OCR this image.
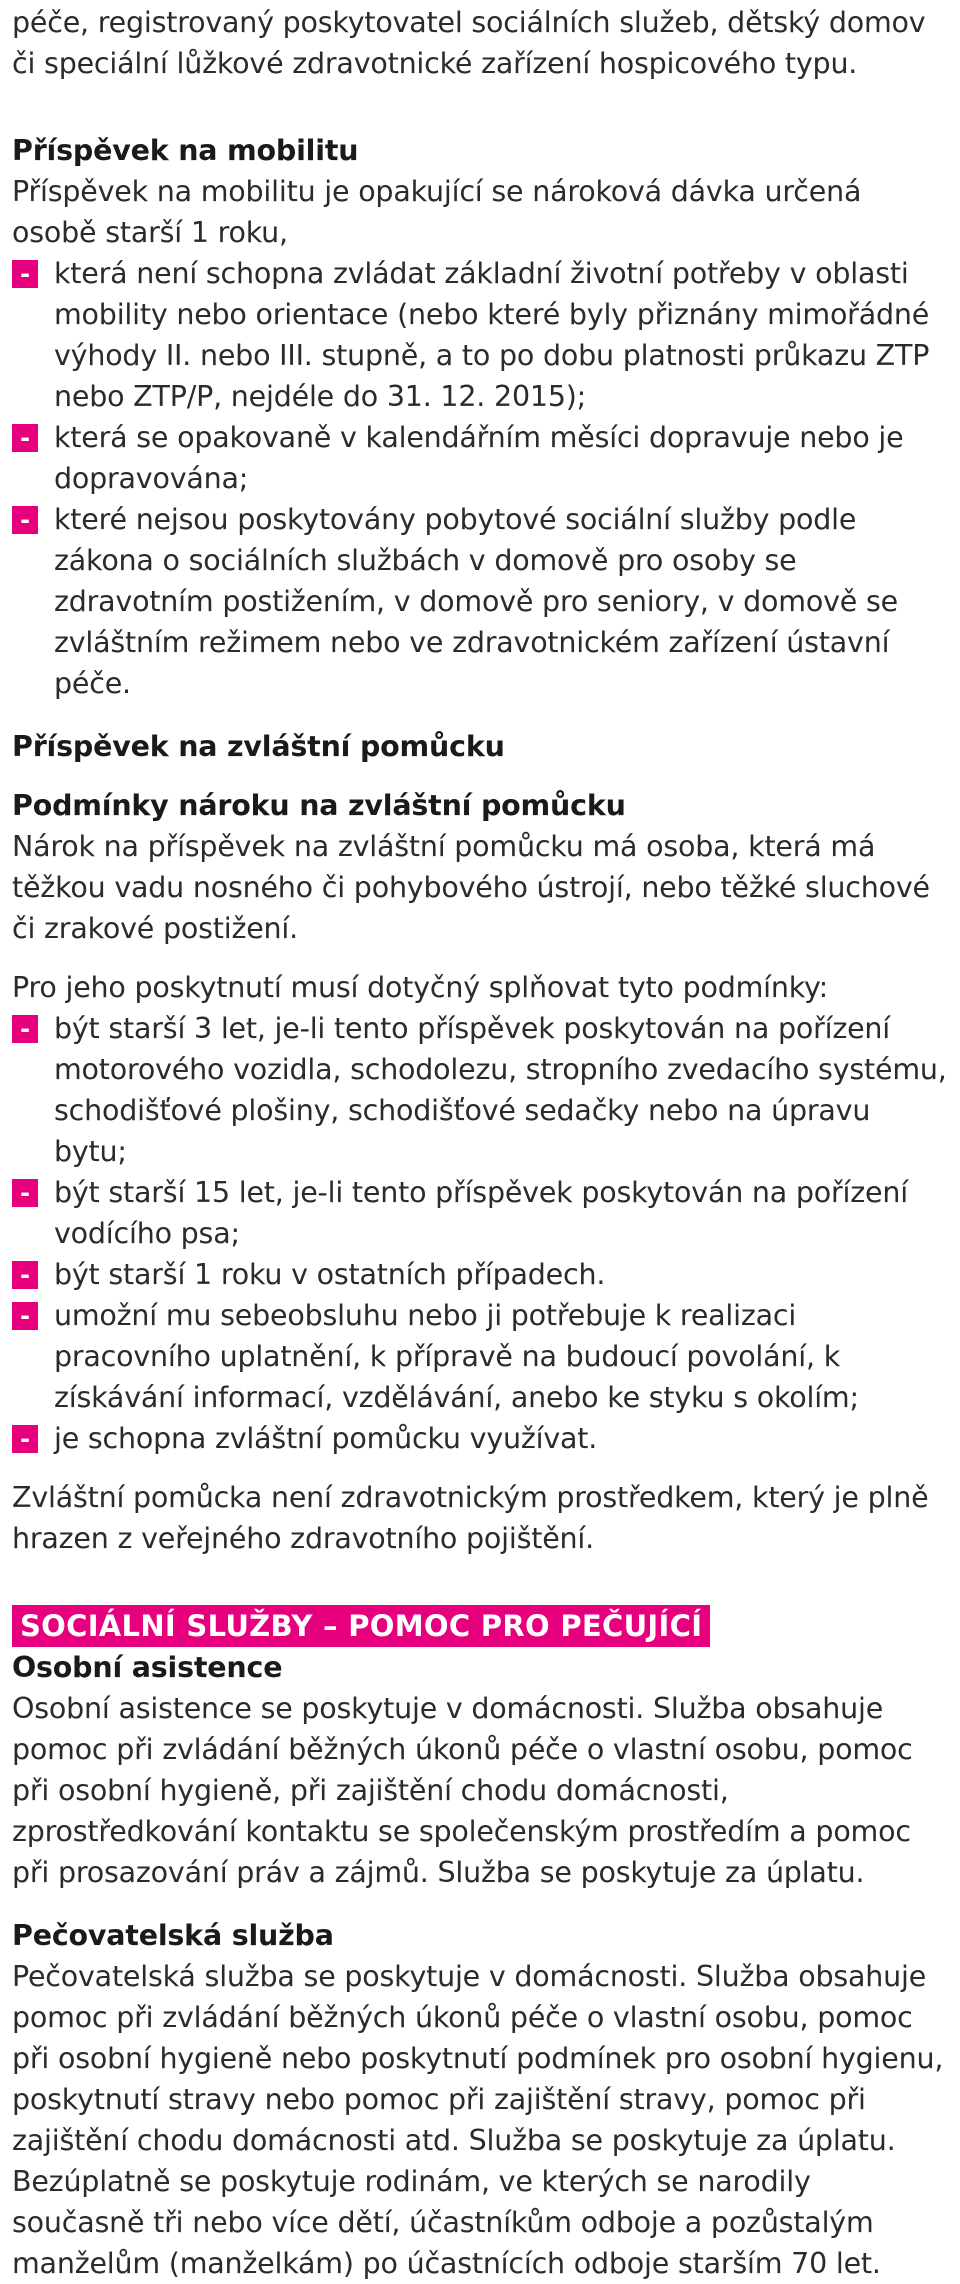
péče, registrovaný poskytovatel sociálních služeb, dětský domov či speciální lůžkové zdravotnické zařízení hospicového typu.

Příspěvek na mobilitu

Příspěvek na mobilitu je opakující se nároková dávka určená osobě starší 1 roku,

- která není schopna zvládat základní životní potřeby v oblasti mobility nebo orientace (nebo které byly přiznány mimořádné výhody II. nebo III. stupně, a to po dobu platnosti průkazu ZTP nebo ZTP/P, nejdéle do 31. 12. 2015);
- která se opakovaně v kalendářním měsíci dopravuje nebo je dopravována;
- které nejsou poskytovány pobytové sociální služby podle zákona o sociálních službách v domově pro osoby se zdravotním postižením, v domově pro seniory, v domově se zvláštním režimem nebo ve zdravotnickém zařízení ústavní péče.

Příspěvek na zvláštní pomůcku

Podmínky nároku na zvláštní pomůcku

Nárok na příspěvek na zvláštní pomůcku má osoba, která má těžkou vadu nosného či pohybového ústrojí, nebo těžké sluchové či zrakové postižení.

Pro jeho poskytnutí musí dotyčný splňovat tyto podmínky:

- být starší 3 let, je-li tento příspěvek poskytován na pořízení motorového vozidla, schodolezu, stropního zvedacího systému, schodišťové plošiny, schodišťové sedačky nebo na úpravu bytu;
- být starší 15 let, je-li tento příspěvek poskytován na pořízení vodícího psa;
- být starší 1 roku v ostatních případech.
- umožní mu sebeobsluhu nebo ji potřebuje k realizaci pracovního uplatnění, k přípravě na budoucí povolání, k získávání informací, vzdělávání, anebo ke styku s okolím;
- je schopna zvláštní pomůcku využívat.

Zvláštní pomůcka není zdravotnickým prostředkem, který je plně hrazen z veřejného zdravotního pojištění.

SOCIÁLNÍ SLUŽBY – POMOC PRO PEČUJÍCÍ

Osobní asistence

Osobní asistence se poskytuje v domácnosti. Služba obsahuje pomoc při zvládání běžných úkonů péče o vlastní osobu, pomoc při osobní hygieně, při zajištění chodu domácnosti, zprostředkování kontaktu se společenským prostředím a pomoc při prosazování práv a zájmů. Služba se poskytuje za úplatu.

Pečovatelská služba

Pečovatelská služba se poskytuje v domácnosti. Služba obsahuje pomoc při zvládání běžných úkonů péče o vlastní osobu, pomoc při osobní hygieně nebo poskytnutí podmínek pro osobní hygienu, poskytnutí stravy nebo pomoc při zajištění stravy, pomoc při zajištění chodu domácnosti atd. Služba se poskytuje za úplatu. Bezúplatně se poskytuje rodinám, ve kterých se narodily současně tři nebo více dětí, účastníkům odboje a pozůstalým manželům (manželkám) po účastnících odboje starším 70 let.
